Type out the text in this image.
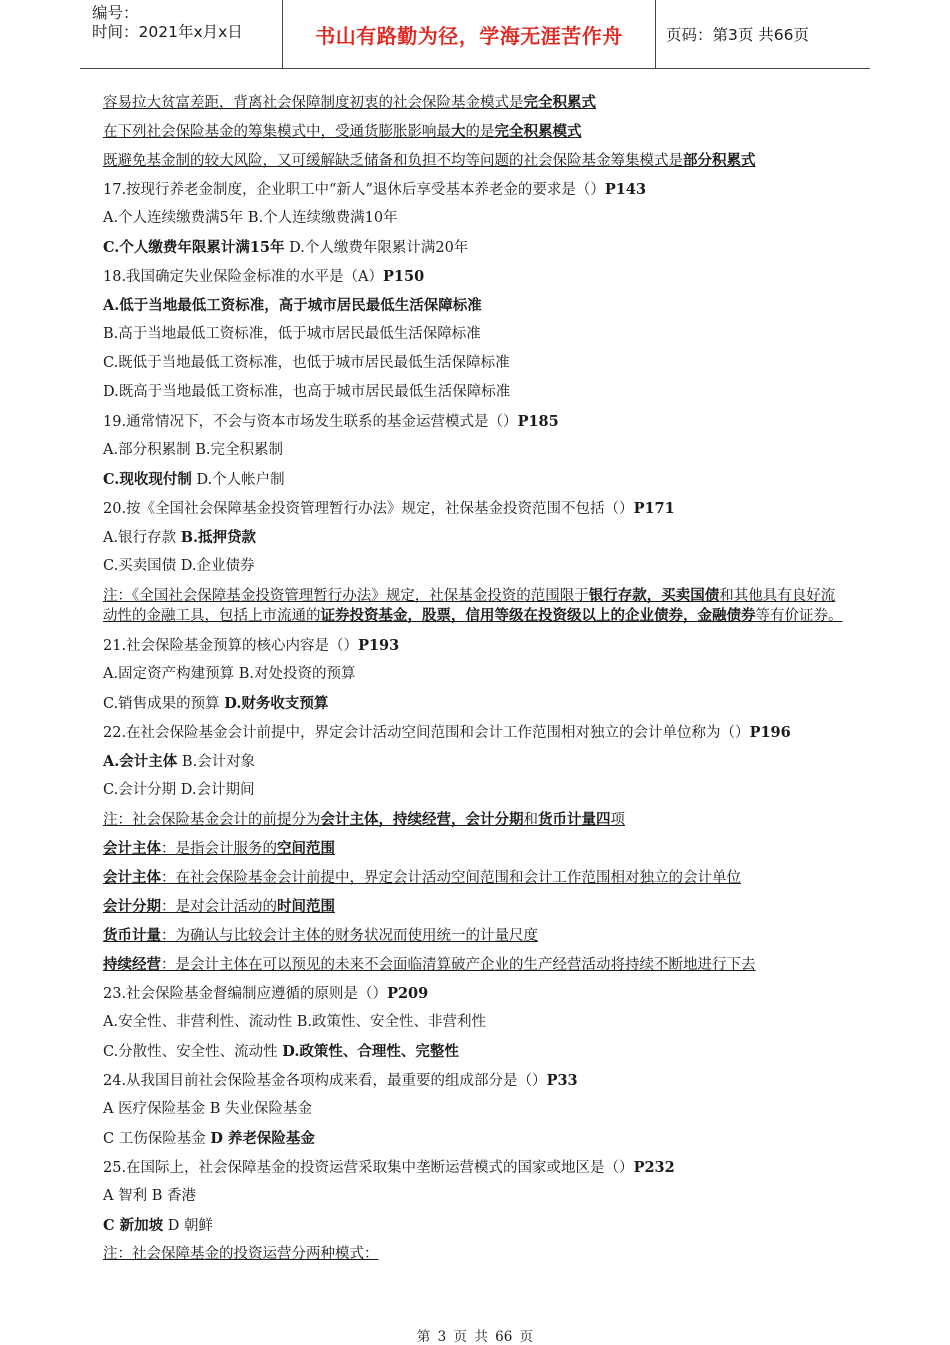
编号：
时间：2021年x月x日	书山有路勤为径，学海无涯苦作舟	页码：第3页 共66页
容易拉大贫富差距，背离社会保障制度初衷的社会保险基金模式是完全积累式
在下列社会保险基金的筹集模式中，受通货膨胀影响最大的是完全积累模式
既避免基金制的较大风险，又可缓解缺乏储备和负担不均等问题的社会保险基金筹集模式是部分积累式
17.按现行养老金制度，企业职工中“新人”退休后享受基本养老金的要求是（）P143
A.个人连续缴费满5年 B.个人连续缴费满10年
C.个人缴费年限累计满15年 D.个人缴费年限累计满20年
18.我国确定失业保险金标准的水平是（A）P150
A.低于当地最低工资标准，高于城市居民最低生活保障标准
B.高于当地最低工资标准，低于城市居民最低生活保障标准
C.既低于当地最低工资标准，也低于城市居民最低生活保障标准
D.既高于当地最低工资标准，也高于城市居民最低生活保障标准
19.通常情况下，不会与资本市场发生联系的基金运营模式是（）P185
A.部分积累制 B.完全积累制
C.现收现付制 D.个人帐户制
20.按《全国社会保障基金投资管理暂行办法》规定，社保基金投资范围不包括（）P171
A.银行存款 B.抵押贷款
C.买卖国债 D.企业债券
注：《全国社会保障基金投资管理暂行办法》规定，社保基金投资的范围限于银行存款，买卖国债和其他具有良好流动性的金融工具，包括上市流通的证券投资基金，股票，信用等级在投资级以上的企业债券，金融债券等有价证券。
21.社会保险基金预算的核心内容是（）P193
A.固定资产构建预算 B.对处投资的预算
C.销售成果的预算 D.财务收支预算
22.在社会保险基金会计前提中，界定会计活动空间范围和会计工作范围相对独立的会计单位称为（）P196
A.会计主体 B.会计对象
C.会计分期 D.会计期间
注：社会保险基金会计的前提分为会计主体，持续经营，会计分期和货币计量四项
会计主体：是指会计服务的空间范围
会计主体：在社会保险基金会计前提中，界定会计活动空间范围和会计工作范围相对独立的会计单位
会计分期：是对会计活动的时间范围
货币计量：为确认与比较会计主体的财务状况而使用统一的计量尺度
持续经营：是会计主体在可以预见的未来不会面临清算破产企业的生产经营活动将持续不断地进行下去
23.社会保险基金督编制应遵循的原则是（）P209
A.安全性、非营利性、流动性 B.政策性、安全性、非营利性
C.分散性、安全性、流动性 D.政策性、合理性、完整性
24.从我国目前社会保险基金各项构成来看，最重要的组成部分是（）P33
A 医疗保险基金 B 失业保险基金
C 工伤保险基金 D 养老保险基金
25.在国际上，社会保障基金的投资运营采取集中垄断运营模式的国家或地区是（）P232
A 智利 B 香港
C 新加坡 D 朝鲜
注：社会保障基金的投资运营分两种模式：
第 3 页 共 66 页
